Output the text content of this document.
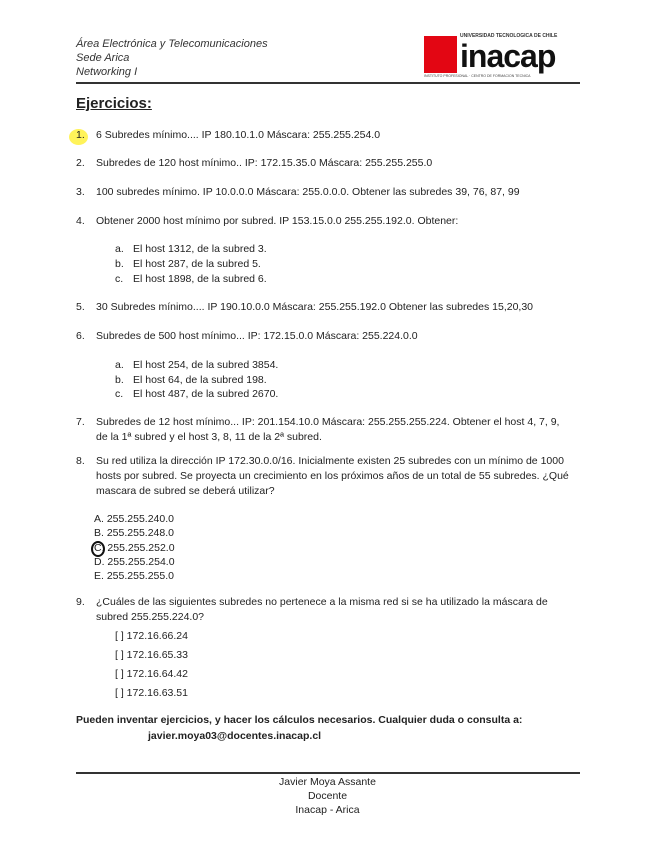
Área Electrónica y Telecomunicaciones
Sede Arica
Networking I
UNIVERSIDAD TECNOLOGICA DE CHILE
inacap
INSTITUTO PROFESIONAL · CENTRO DE FORMACION TECNICA
Ejercicios:
1. 6 Subredes mínimo.... IP 180.10.1.0 Máscara: 255.255.254.0
2. Subredes de 120 host mínimo.. IP: 172.15.35.0 Máscara: 255.255.255.0
3. 100 subredes mínimo. IP 10.0.0.0 Máscara: 255.0.0.0. Obtener las subredes 39, 76, 87, 99
4. Obtener 2000 host mínimo por subred. IP 153.15.0.0 255.255.192.0. Obtener:
a. El host 1312, de la subred 3.
b. El host 287, de la subred 5.
c. El host 1898, de la subred 6.
5. 30 Subredes mínimo.... IP 190.10.0.0 Máscara: 255.255.192.0 Obtener las subredes 15,20,30
6. Subredes de 500 host mínimo... IP: 172.15.0.0 Máscara: 255.224.0.0
a. El host 254, de la subred 3854.
b. El host 64, de la subred 198.
c. El host 487, de la subred 2670.
7. Subredes de 12 host mínimo... IP: 201.154.10.0 Máscara: 255.255.255.224. Obtener el host 4, 7, 9,
de la 1ª subred y el host 3, 8, 11 de la 2ª subred.
8. Su red utiliza la dirección IP 172.30.0.0/16. Inicialmente existen 25 subredes con un mínimo de 1000
hosts por subred. Se proyecta un crecimiento en los próximos años de un total de 55 subredes. ¿Qué
mascara de subred se deberá utilizar?
A. 255.255.240.0
B. 255.255.248.0
C. 255.255.252.0
D. 255.255.254.0
E. 255.255.255.0
9. ¿Cuáles de las siguientes subredes no pertenece a la misma red si se ha utilizado la máscara de
subred 255.255.224.0?
[ ] 172.16.66.24
[ ] 172.16.65.33
[ ] 172.16.64.42
[ ] 172.16.63.51
Pueden inventar ejercicios, y hacer los cálculos necesarios. Cualquier duda o consulta a:
javier.moya03@docentes.inacap.cl
Javier Moya Assante
Docente
Inacap - Arica
